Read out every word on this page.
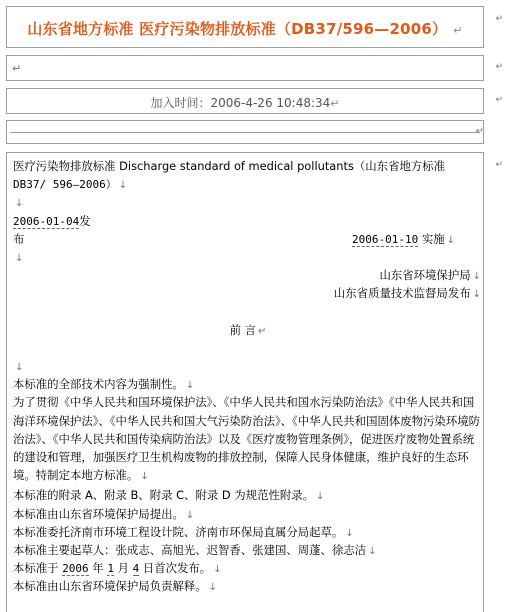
山东省地方标准 医疗污染物排放标准（DB37/596—2006） ↵
↵
加入时间：2006-4-26 10:48:34↵
↵
医疗污染物排放标准 Discharge standard of medical pollutants（山东省地方标准
DB37/ 596—2006） ↓
↓
2006-01-04发
布	2006-01-10 实施 ↓
↓
山东省环境保护局 ↓
山东省质量技术监督局发布 ↓
前 言 ↵
↓
本标准的全部技术内容为强制性。 ↓
为了贯彻《中华人民共和国环境保护法》、《中华人民共和国水污染防治法》《中华人民共和国海洋环境保护法》、《中华人民共和国大气污染防治法》、《中华人民共和国固体废物污染环境防治法》、《中华人民共和国传染病防治法》以及《医疗废物管理条例》，促进医疗废物处置系统的建设和管理，加强医疗卫生机构废物的排放控制，保障人民身体健康，维护良好的生态环境。特制定本地方标准。 ↓
本标准的附录 A、附录 B、附录 C、附录 D 为规范性附录。 ↓
本标准由山东省环境保护局提出。 ↓
本标准委托济南市环境工程设计院、济南市环保局直属分局起草。 ↓
本标准主要起草人：张成志、高旭光、迟智香、张建国、周蓬、徐志洁 ↓
本标准于 2006 年 1 月 4 日首次发布。 ↓
本标准由山东省环境保护局负责解释。 ↓
↵
↵
↵
↵
